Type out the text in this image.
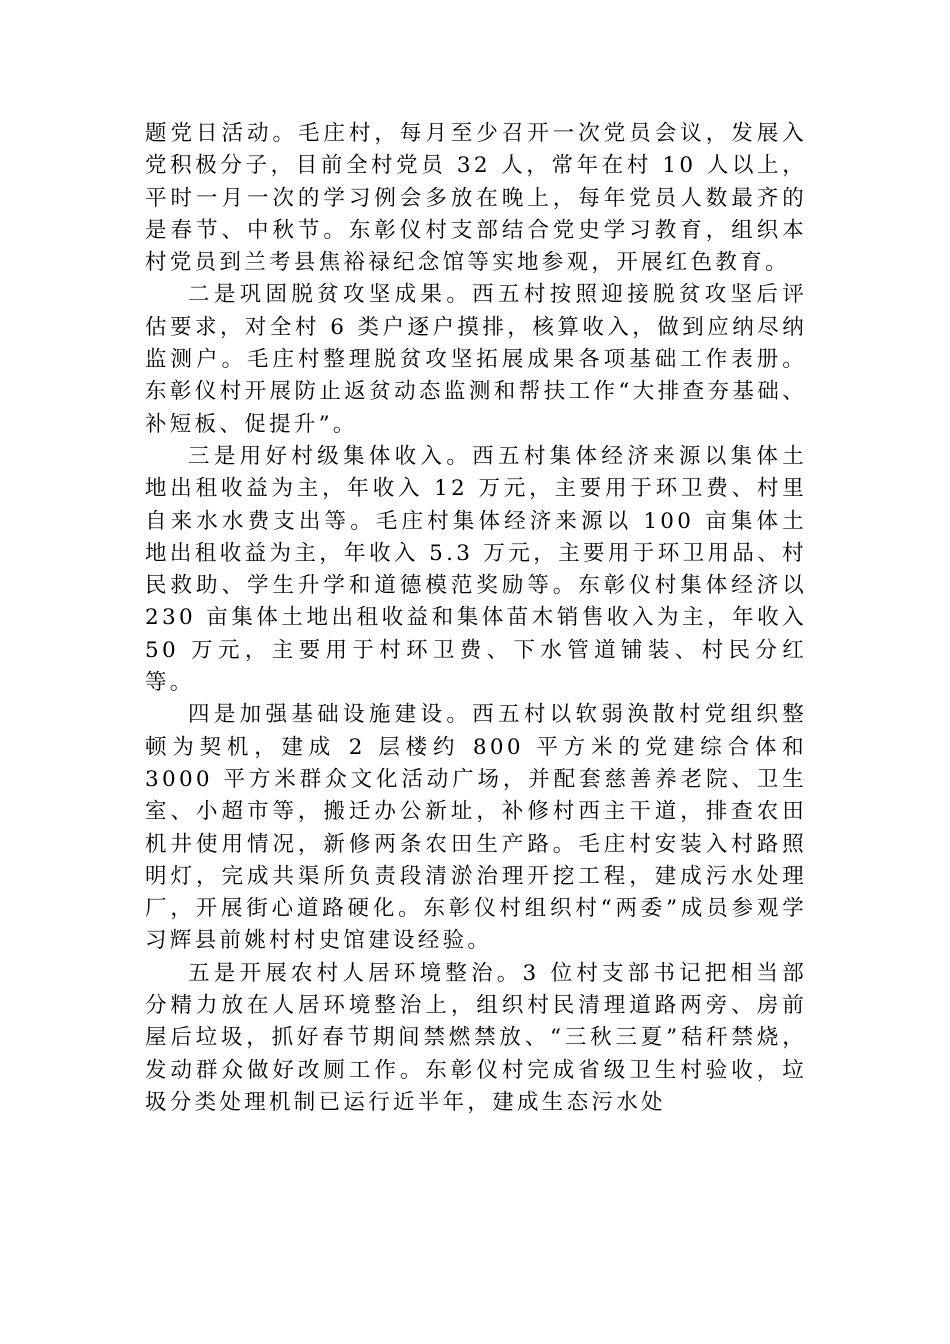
题党日活动。毛庄村，每月至少召开一次党员会议，发展入党积极分子，目前全村党员 32 人，常年在村 10 人以上，平时一月一次的学习例会多放在晚上，每年党员人数最齐的是春节、中秋节。东彰仪村支部结合党史学习教育，组织本村党员到兰考县焦裕禄纪念馆等实地参观，开展红色教育。

二是巩固脱贫攻坚成果。西五村按照迎接脱贫攻坚后评估要求，对全村 6 类户逐户摸排，核算收入，做到应纳尽纳监测户。毛庄村整理脱贫攻坚拓展成果各项基础工作表册。东彰仪村开展防止返贫动态监测和帮扶工作“大排查夯基础、补短板、促提升”。

三是用好村级集体收入。西五村集体经济来源以集体土地出租收益为主，年收入 12 万元，主要用于环卫费、村里自来水水费支出等。毛庄村集体经济来源以 100 亩集体土地出租收益为主，年收入 5.3 万元，主要用于环卫用品、村民救助、学生升学和道德模范奖励等。东彰仪村集体经济以 230 亩集体土地出租收益和集体苗木销售收入为主，年收入 50 万元，主要用于村环卫费、下水管道铺装、村民分红等。

四是加强基础设施建设。西五村以软弱涣散村党组织整顿为契机，建成 2 层楼约 800 平方米的党建综合体和 3000 平方米群众文化活动广场，并配套慈善养老院、卫生室、小超市等，搬迁办公新址，补修村西主干道，排查农田机井使用情况，新修两条农田生产路。毛庄村安装入村路照明灯，完成共渠所负责段清淤治理开挖工程，建成污水处理厂，开展街心道路硬化。东彰仪村组织村“两委”成员参观学习辉县前姚村村史馆建设经验。

五是开展农村人居环境整治。3 位村支部书记把相当部分精力放在人居环境整治上，组织村民清理道路两旁、房前屋后垃圾，抓好春节期间禁燃禁放、“三秋三夏”秸秆禁烧，发动群众做好改厕工作。东彰仪村完成省级卫生村验收，垃圾分类处理机制已运行近半年，建成生态污水处
